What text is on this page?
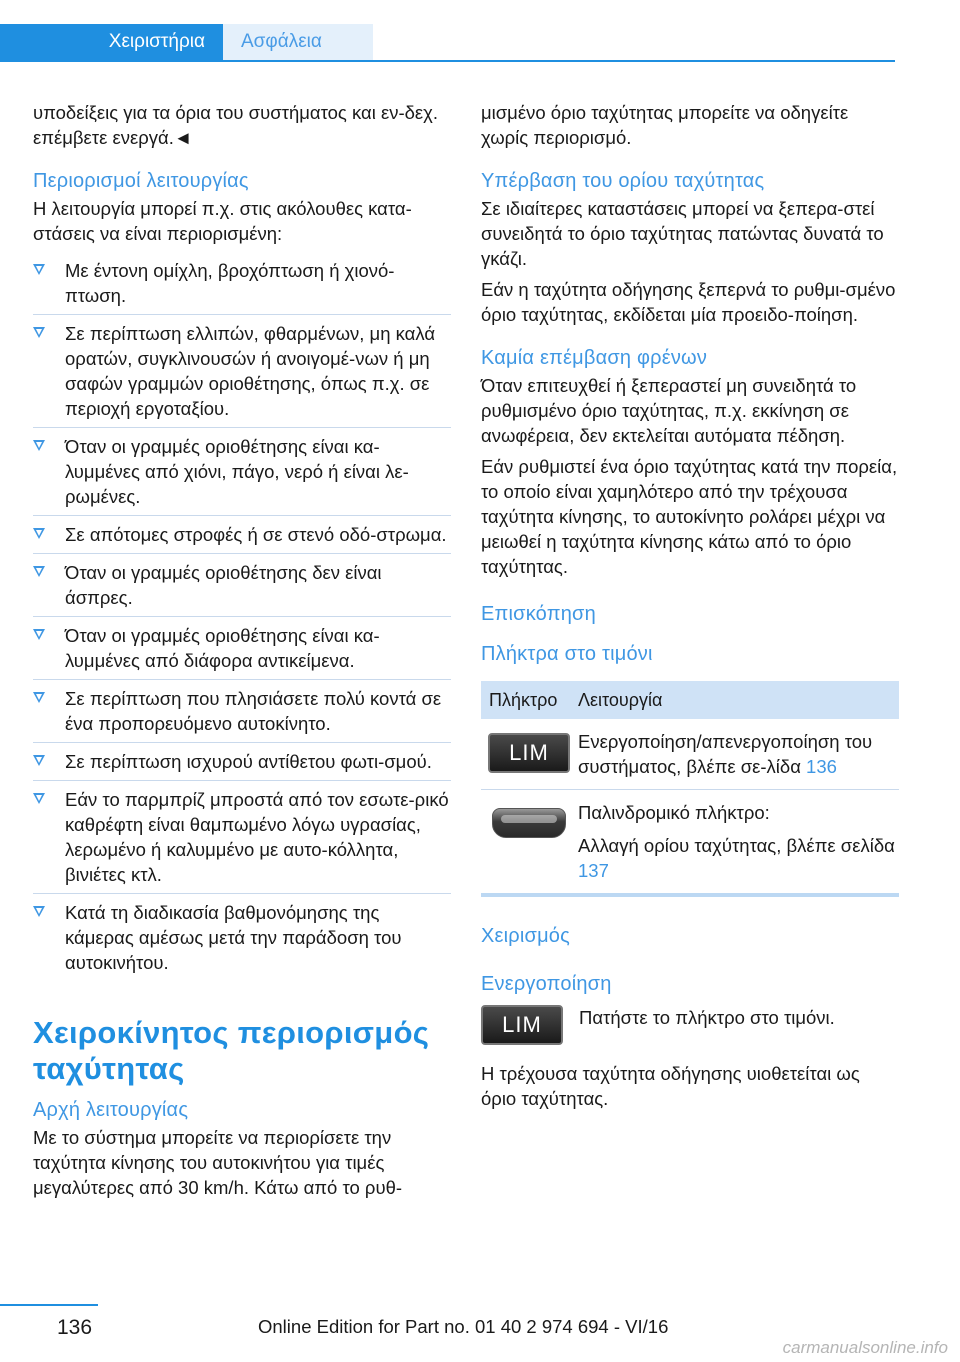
Χειριστήρια	Ασφάλεια

υποδείξεις για τα όρια του συστήματος και εν‐δεχ. επέμβετε ενεργά.◄

Περιορισμοί λειτουργίας

Η λειτουργία μπορεί π.χ. στις ακόλουθες κατα‐στάσεις να είναι περιορισμένη:

Με έντονη ομίχλη, βροχόπτωση ή χιονό‐πτωση.
Σε περίπτωση ελλιπών, φθαρμένων, μη καλά ορατών, συγκλινουσών ή ανοιγομέ‐νων ή μη σαφών γραμμών οριοθέτησης, όπως π.χ. σε περιοχή εργοταξίου.
Όταν οι γραμμές οριοθέτησης είναι κα‐λυμμένες από χιόνι, πάγο, νερό ή είναι λε‐ρωμένες.
Σε απότομες στροφές ή σε στενό οδό‐στρωμα.
Όταν οι γραμμές οριοθέτησης δεν είναι άσπρες.
Όταν οι γραμμές οριοθέτησης είναι κα‐λυμμένες από διάφορα αντικείμενα.
Σε περίπτωση που πλησιάσετε πολύ κοντά σε ένα προπορευόμενο αυτοκίνητο.
Σε περίπτωση ισχυρού αντίθετου φωτι‐σμού.
Εάν το παρμπρίζ μπροστά από τον εσωτε‐ρικό καθρέφτη είναι θαμπωμένο λόγω υγρασίας, λερωμένο ή καλυμμένο με αυτο‐κόλλητα, βινιέτες κτλ.
Κατά τη διαδικασία βαθμονόμησης της κάμερας αμέσως μετά την παράδοση του αυτοκινήτου.
Χειροκίνητος περιορισμός ταχύτητας
Αρχή λειτουργίας

Με το σύστημα μπορείτε να περιορίσετε την ταχύτητα κίνησης του αυτοκινήτου για τιμές μεγαλύτερες από 30 km/h. Κάτω από το ρυθ‐

μισμένο όριο ταχύτητας μπορείτε να οδηγείτε χωρίς περιορισμό.

Υπέρβαση του ορίου ταχύτητας

Σε ιδιαίτερες καταστάσεις μπορεί να ξεπερα‐στεί συνειδητά το όριο ταχύτητας πατώντας δυνατά το γκάζι.

Εάν η ταχύτητα οδήγησης ξεπερνά το ρυθμι‐σμένο όριο ταχύτητας, εκδίδεται μία προειδο‐ποίηση.

Καμία επέμβαση φρένων

Όταν επιτευχθεί ή ξεπεραστεί μη συνειδητά το ρυθμισμένο όριο ταχύτητας, π.χ. εκκίνηση σε ανωφέρεια, δεν εκτελείται αυτόματα πέδηση.

Εάν ρυθμιστεί ένα όριο ταχύτητας κατά την πορεία, το οποίο είναι χαμηλότερο από την τρέχουσα ταχύτητα κίνησης, το αυτοκίνητο ρολάρει μέχρι να μειωθεί η ταχύτητα κίνησης κάτω από το όριο ταχύτητας.

Επισκόπηση
Πλήκτρα στο τιμόνι
Πλήκτρο	Λειτουργία
LIM	Ενεργοποίηση/απενεργοποίηση του συστήματος, βλέπε σε‐λίδα 136
Παλινδρομικό πλήκτρο:
Αλλαγή ορίου ταχύτητας, βλέπε σελίδα 137
Χειρισμός
Ενεργοποίηση
LIM	Πατήστε το πλήκτρο στο τιμόνι.

Η τρέχουσα ταχύτητα οδήγησης υιοθετείται ως όριο ταχύτητας.

136	Online Edition for Part no. 01 40 2 974 694 - VI/16
carmanualsonline.info
